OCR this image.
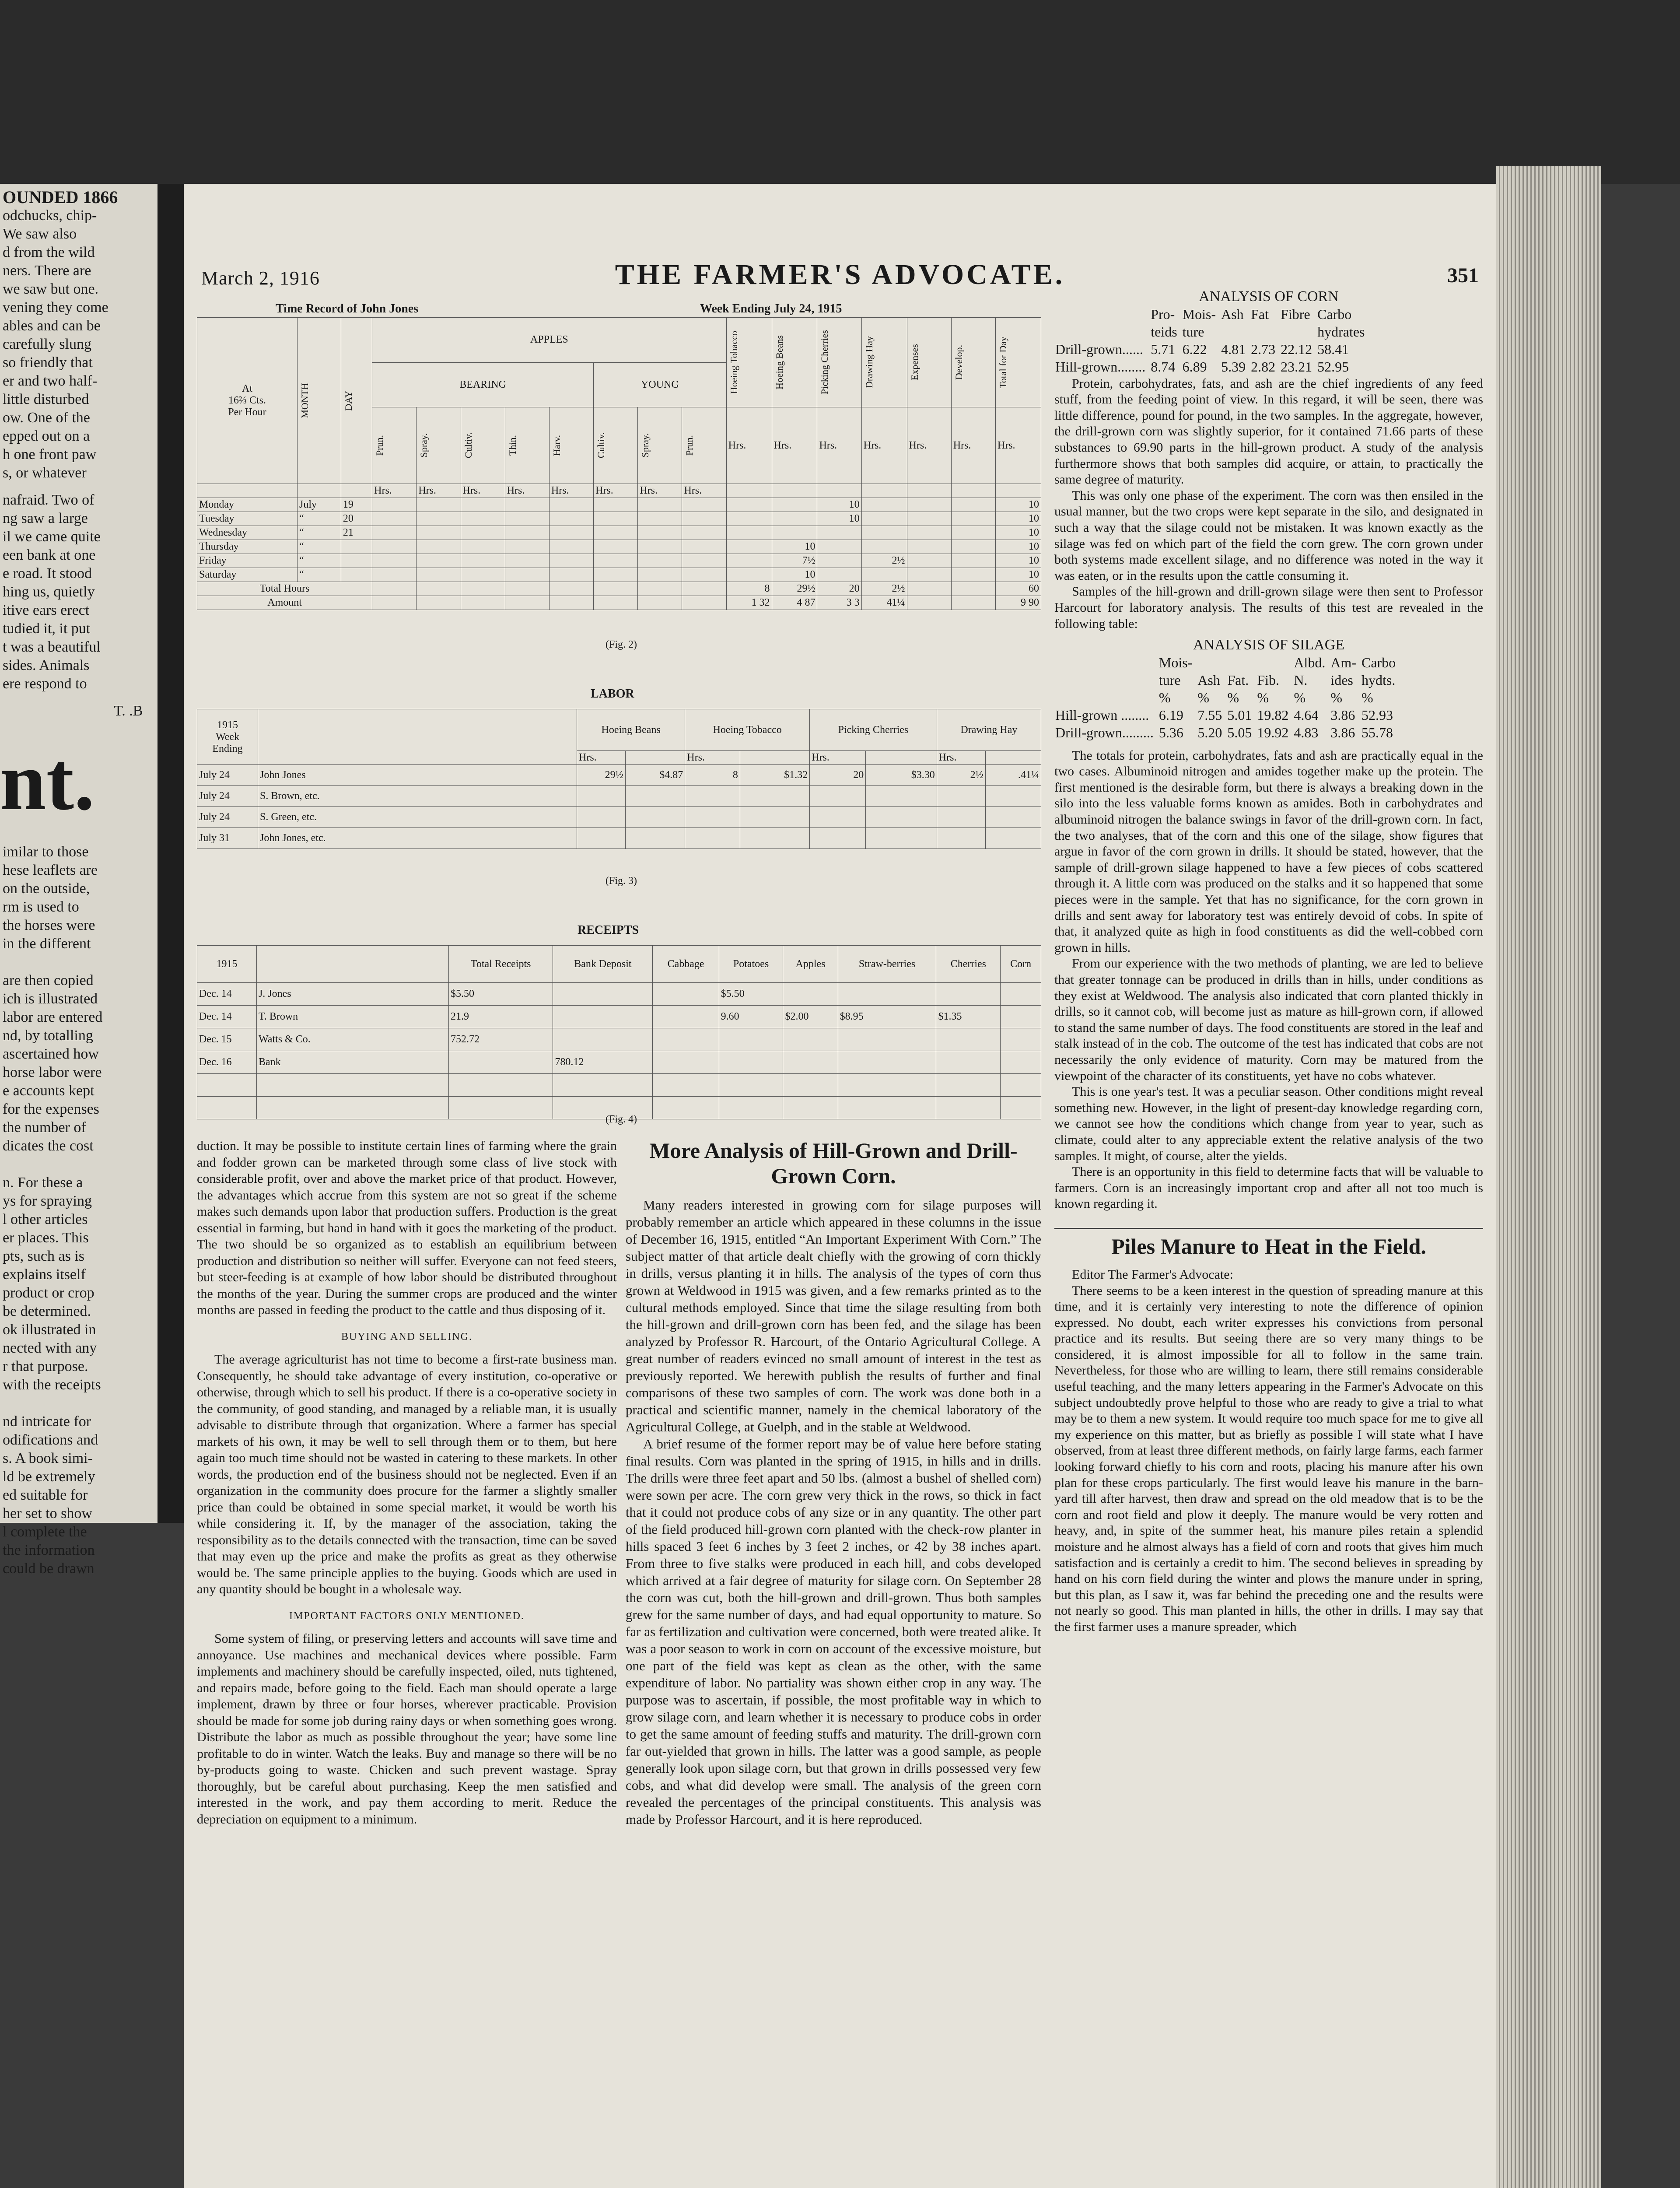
OUNDED 1866

odchucks, chip-

We saw also

d from the wild

ners. There are

we saw but one.

vening they come

ables and can be

carefully slung

so friendly that

er and two half-

little disturbed

ow. One of the

epped out on a

h one front paw

s, or whatever

nafraid. Two of

ng saw a large

il we came quite

een bank at one

e road. It stood

hing us, quietly

itive ears erect

tudied it, it put

t was a beautiful

sides. Animals

ere respond to

T. .B

nt.

imilar to those

hese leaflets are

on the outside,

rm is used to

the horses were

in the different

are then copied

ich is illustrated

labor are entered

nd, by totalling

ascertained how

horse labor were

e accounts kept

for the expenses

the number of

dicates the cost

n. For these a

ys for spraying

l other articles

er places. This

pts, such as is

explains itself

product or crop

be determined.

ok illustrated in

nected with any

r that purpose.

with the receipts

nd intricate for

odifications and

s. A book simi-

ld be extremely

ed suitable for

her set to show

l complete the

the information

could be drawn

March 2, 1916	THE FARMER'S ADVOCATE.	351
Time Record of John Jones	Week Ending July 24, 1915
At
16⅔ Cts.
Per Hour	MONTH	DAY	APPLES								Hoeing Tobacco	Hoeing Beans	Picking Cherries	Drawing Hay	Expenses	Develop.	Total for Day

			BEARING					YOUNG									

			Prun.	Spray.	Cultiv.	Thin.	Harv.	Cultiv.	Spray.	Prun.	Hrs.	Hrs.	Hrs.	Hrs.	Hrs.	Hrs.	Hrs.
			Hrs.	Hrs.	Hrs.	Hrs.	Hrs.	Hrs.	Hrs.	Hrs.							
Monday	July	19											10				10
Tuesday	“	20											10				10
Wednesday	“	21															10
Thursday	“											10					10
Friday	“											7½		2½			10
Saturday	“											10					10
Total Hours											8	29½	20	2½			60
Amount											1 32	4 87	3 3	41¼			9 90
(Fig. 2)
LABOR
1915
Week
Ending		Hoeing Beans		Hoeing Tobacco		Picking Cherries		Drawing Hay	
		Hrs.		Hrs.		Hrs.		Hrs.	
July 24	John Jones	29½	$4.87	8	$1.32	20	$3.30	2½	.41¼
July 24	S. Brown, etc.								
July 24	S. Green, etc.								
July 31	John Jones, etc.								
(Fig. 3)
RECEIPTS
1915		Total Receipts	Bank Deposit	Cabbage	Potatoes	Apples	Straw-berries	Cherries	Corn
Dec. 14	J. Jones	$5.50			$5.50				
Dec. 14	T. Brown	21.9			9.60	$2.00	$8.95	$1.35	
Dec. 15	Watts & Co.	752.72							
Dec. 16	Bank		780.12						

(Fig. 4)

duction. It may be possible to institute certain lines of farming where the grain and fodder grown can be marketed through some class of live stock with considerable profit, over and above the market price of that product. However, the advantages which accrue from this system are not so great if the scheme makes such demands upon labor that production suffers. Production is the great essential in farming, but hand in hand with it goes the marketing of the product. The two should be so organized as to establish an equilibrium between production and distribution so neither will suffer. Everyone can not feed steers, but steer-feeding is at example of how labor should be distributed throughout the months of the year. During the summer crops are produced and the winter months are passed in feeding the product to the cattle and thus disposing of it.

BUYING AND SELLING.

The average agriculturist has not time to become a first-rate business man. Consequently, he should take advantage of every institution, co-operative or otherwise, through which to sell his product. If there is a co-operative society in the community, of good standing, and managed by a reliable man, it is usually advisable to distribute through that organization. Where a farmer has special markets of his own, it may be well to sell through them or to them, but here again too much time should not be wasted in catering to these markets. In other words, the production end of the business should not be neglected. Even if an organization in the community does procure for the farmer a slightly smaller price than could be obtained in some special market, it would be worth his while considering it. If, by the manager of the association, taking the responsibility as to the details connected with the transaction, time can be saved that may even up the price and make the profits as great as they otherwise would be. The same principle applies to the buying. Goods which are used in any quantity should be bought in a wholesale way.

IMPORTANT FACTORS ONLY MENTIONED.

Some system of filing, or preserving letters and accounts will save time and annoyance. Use machines and mechanical devices where possible. Farm implements and machinery should be carefully inspected, oiled, nuts tightened, and repairs made, before going to the field. Each man should operate a large implement, drawn by three or four horses, wherever practicable. Provision should be made for some job during rainy days or when something goes wrong. Distribute the labor as much as possible throughout the year; have some line profitable to do in winter. Watch the leaks. Buy and manage so there will be no by-products going to waste. Chicken and such prevent wastage. Spray thoroughly, but be careful about purchasing. Keep the men satisfied and interested in the work, and pay them according to merit. Reduce the depreciation on equipment to a minimum.

More Analysis of Hill-Grown and Drill-Grown Corn.

Many readers interested in growing corn for silage purposes will probably remember an article which appeared in these columns in the issue of December 16, 1915, entitled “An Important Experiment With Corn.” The subject matter of that article dealt chiefly with the growing of corn thickly in drills, versus planting it in hills. The analysis of the types of corn thus grown at Weldwood in 1915 was given, and a few remarks printed as to the cultural methods employed. Since that time the silage resulting from both the hill-grown and drill-grown corn has been fed, and the silage has been analyzed by Professor R. Harcourt, of the Ontario Agricultural College. A great number of readers evinced no small amount of interest in the test as previously reported. We herewith publish the results of further and final comparisons of these two samples of corn. The work was done both in a practical and scientific manner, namely in the chemical laboratory of the Agricultural College, at Guelph, and in the stable at Weldwood.

A brief resume of the former report may be of value here before stating final results. Corn was planted in the spring of 1915, in hills and in drills. The drills were three feet apart and 50 lbs. (almost a bushel of shelled corn) were sown per acre. The corn grew very thick in the rows, so thick in fact that it could not produce cobs of any size or in any quantity. The other part of the field produced hill-grown corn planted with the check-row planter in hills spaced 3 feet 6 inches by 3 feet 2 inches, or 42 by 38 inches apart. From three to five stalks were produced in each hill, and cobs developed which arrived at a fair degree of maturity for silage corn. On September 28 the corn was cut, both the hill-grown and drill-grown. Thus both samples grew for the same number of days, and had equal opportunity to mature. So far as fertilization and cultivation were concerned, both were treated alike. It was a poor season to work in corn on account of the excessive moisture, but one part of the field was kept as clean as the other, with the same expenditure of labor. No partiality was shown either crop in any way. The purpose was to ascertain, if possible, the most profitable way in which to grow silage corn, and learn whether it is necessary to produce cobs in order to get the same amount of feeding stuffs and maturity. The drill-grown corn far out-yielded that grown in hills. The latter was a good sample, as people generally look upon silage corn, but that grown in drills possessed very few cobs, and what did develop were small. The analysis of the green corn revealed the percentages of the principal constituents. This analysis was made by Professor Harcourt, and it is here reproduced.

ANALYSIS OF CORN
	Pro-	Mois-	Ash	Fat	Fibre	Carbo
	teids	ture				hydrates
Drill-grown......	5.71	6.22	4.81	2.73	22.12	58.41
Hill-grown........	8.74	6.89	5.39	2.82	23.21	52.95

Protein, carbohydrates, fats, and ash are the chief ingredients of any feed stuff, from the feeding point of view. In this regard, it will be seen, there was little difference, pound for pound, in the two samples. In the aggregate, however, the drill-grown corn was slightly superior, for it contained 71.66 parts of these substances to 69.90 parts in the hill-grown product. A study of the analysis furthermore shows that both samples did acquire, or attain, to practically the same degree of maturity.

This was only one phase of the experiment. The corn was then ensiled in the usual manner, but the two crops were kept separate in the silo, and designated in such a way that the silage could not be mistaken. It was known exactly as the silage was fed on which part of the field the corn grew. The corn grown under both systems made excellent silage, and no difference was noted in the way it was eaten, or in the results upon the cattle consuming it.

Samples of the hill-grown and drill-grown silage were then sent to Professor Harcourt for laboratory analysis. The results of this test are revealed in the following table:

ANALYSIS OF SILAGE
	Mois-				Albd.	Am-	Carbo
	ture	Ash	Fat.	Fib.	N.	ides	hydts.
	%	%	%	%	%	%	%
Hill-grown ........	6.19	7.55	5.01	19.82	4.64	3.86	52.93
Drill-grown.........	5.36	5.20	5.05	19.92	4.83	3.86	55.78

The totals for protein, carbohydrates, fats and ash are practically equal in the two cases. Albuminoid nitrogen and amides together make up the protein. The first mentioned is the desirable form, but there is always a breaking down in the silo into the less valuable forms known as amides. Both in carbohydrates and albuminoid nitrogen the balance swings in favor of the drill-grown corn. In fact, the two analyses, that of the corn and this one of the silage, show figures that argue in favor of the corn grown in drills. It should be stated, however, that the sample of drill-grown silage happened to have a few pieces of cobs scattered through it. A little corn was produced on the stalks and it so happened that some pieces were in the sample. Yet that has no significance, for the corn grown in drills and sent away for laboratory test was entirely devoid of cobs. In spite of that, it analyzed quite as high in food constituents as did the well-cobbed corn grown in hills.

From our experience with the two methods of planting, we are led to believe that greater tonnage can be produced in drills than in hills, under conditions as they exist at Weldwood. The analysis also indicated that corn planted thickly in drills, so it cannot cob, will become just as mature as hill-grown corn, if allowed to stand the same number of days. The food constituents are stored in the leaf and stalk instead of in the cob. The outcome of the test has indicated that cobs are not necessarily the only evidence of maturity. Corn may be matured from the viewpoint of the character of its constituents, yet have no cobs whatever.

This is one year's test. It was a peculiar season. Other conditions might reveal something new. However, in the light of present-day knowledge regarding corn, we cannot see how the conditions which change from year to year, such as climate, could alter to any appreciable extent the relative analysis of the two samples. It might, of course, alter the yields.

There is an opportunity in this field to determine facts that will be valuable to farmers. Corn is an increasingly important crop and after all not too much is known regarding it.

Piles Manure to Heat in the Field.

Editor The Farmer's Advocate:

There seems to be a keen interest in the question of spreading manure at this time, and it is certainly very interesting to note the difference of opinion expressed. No doubt, each writer expresses his convictions from personal practice and its results. But seeing there are so very many things to be considered, it is almost impossible for all to follow in the same train. Nevertheless, for those who are willing to learn, there still remains considerable useful teaching, and the many letters appearing in the Farmer's Advocate on this subject undoubtedly prove helpful to those who are ready to give a trial to what may be to them a new system. It would require too much space for me to give all my experience on this matter, but as briefly as possible I will state what I have observed, from at least three different methods, on fairly large farms, each farmer looking forward chiefly to his corn and roots, placing his manure after his own plan for these crops particularly. The first would leave his manure in the barn-yard till after harvest, then draw and spread on the old meadow that is to be the corn and root field and plow it deeply. The manure would be very rotten and heavy, and, in spite of the summer heat, his manure piles retain a splendid moisture and he almost always has a field of corn and roots that gives him much satisfaction and is certainly a credit to him. The second believes in spreading by hand on his corn field during the winter and plows the manure under in spring, but this plan, as I saw it, was far behind the preceding one and the results were not nearly so good. This man planted in hills, the other in drills. I may say that the first farmer uses a manure spreader, which
